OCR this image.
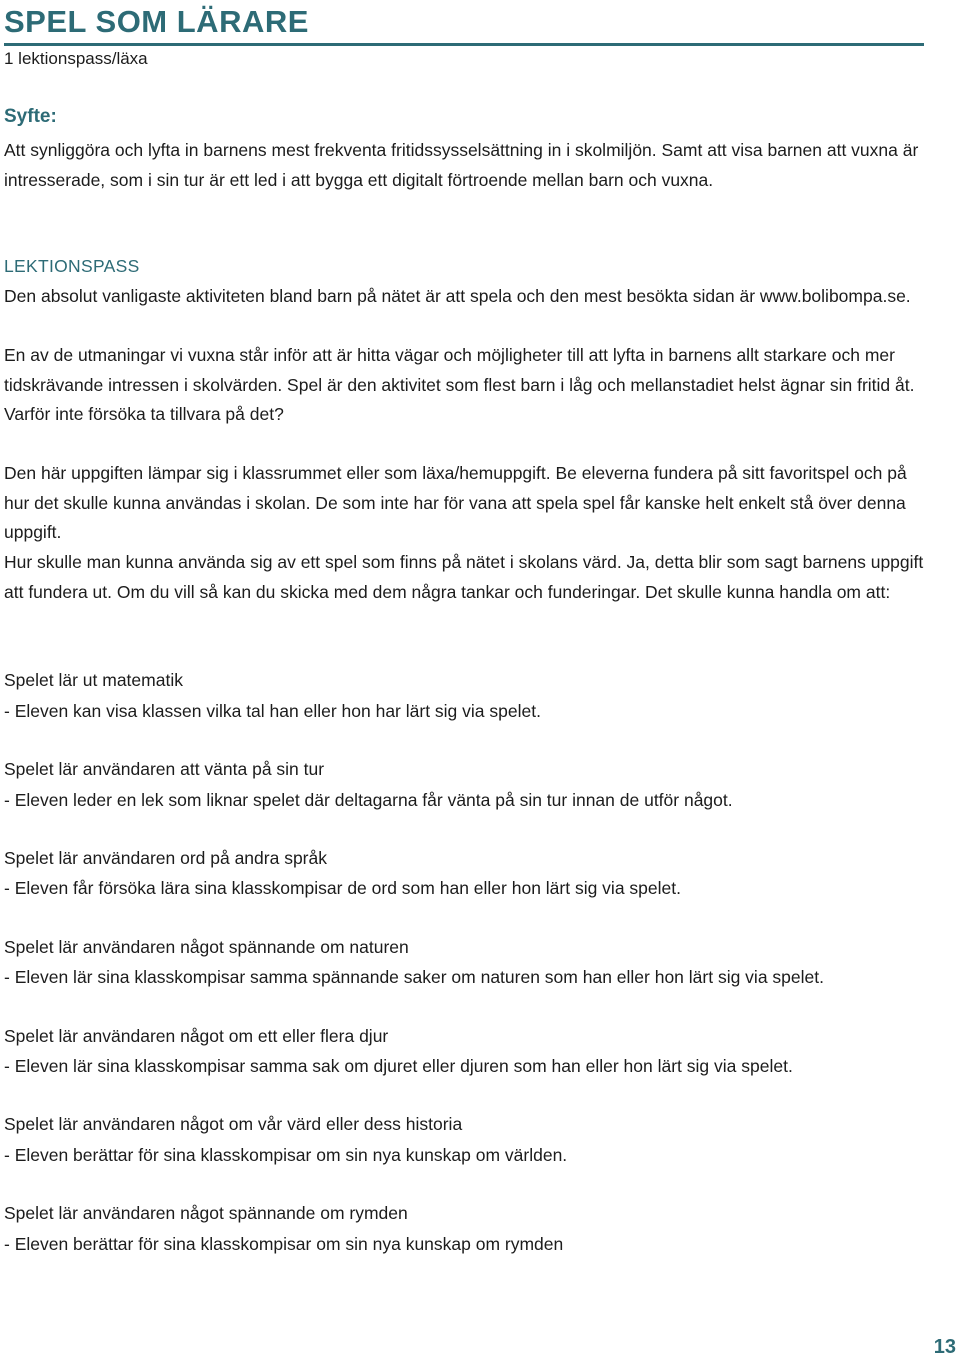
SPEL SOM LÄRARE
1 lektionspass/läxa
Syfte:
Att synliggöra och lyfta in barnens mest frekventa fritidssysselsättning in i skolmiljön. Samt att visa barnen att vuxna är intresserade, som i sin tur är ett led i att bygga ett digitalt förtroende mellan barn och vuxna.
LEKTIONSPASS
Den absolut vanligaste aktiviteten bland barn på nätet är att spela och den mest besökta sidan är www.bolibompa.se.
En av de utmaningar vi vuxna står inför att är hitta vägar och möjligheter till att lyfta in barnens allt starkare och mer tidskrävande intressen i skolvärden. Spel är den aktivitet som flest barn i låg och mellanstadiet helst ägnar sin fritid åt. Varför inte försöka ta tillvara på det?
Den här uppgiften lämpar sig i klassrummet eller som läxa/hemuppgift. Be eleverna fundera på sitt favoritspel och på hur det skulle kunna användas i skolan. De som inte har för vana att spela spel får kanske helt enkelt stå över denna uppgift.
Hur skulle man kunna använda sig av ett spel som finns på nätet i skolans värd. Ja, detta blir som sagt barnens uppgift att fundera ut. Om du vill så kan du skicka med dem några tankar och funderingar. Det skulle kunna handla om att:
Spelet lär ut matematik
- Eleven kan visa klassen vilka tal han eller hon har lärt sig via spelet.
Spelet lär användaren att vänta på sin tur
- Eleven leder en lek som liknar spelet där deltagarna får vänta på sin tur innan de utför något.
Spelet lär användaren ord på andra språk
- Eleven får försöka lära sina klasskompisar de ord som han eller hon lärt sig via spelet.
Spelet lär användaren något spännande om naturen
- Eleven lär sina klasskompisar samma spännande saker om naturen som han eller hon lärt sig via spelet.
Spelet lär användaren något om ett eller flera djur
- Eleven lär sina klasskompisar samma sak om djuret eller djuren som han eller hon lärt sig via spelet.
Spelet lär användaren något om vår värd eller dess historia
- Eleven berättar för sina klasskompisar om sin nya kunskap om världen.
Spelet lär användaren något spännande om rymden
- Eleven berättar för sina klasskompisar om sin nya kunskap om rymden
13
